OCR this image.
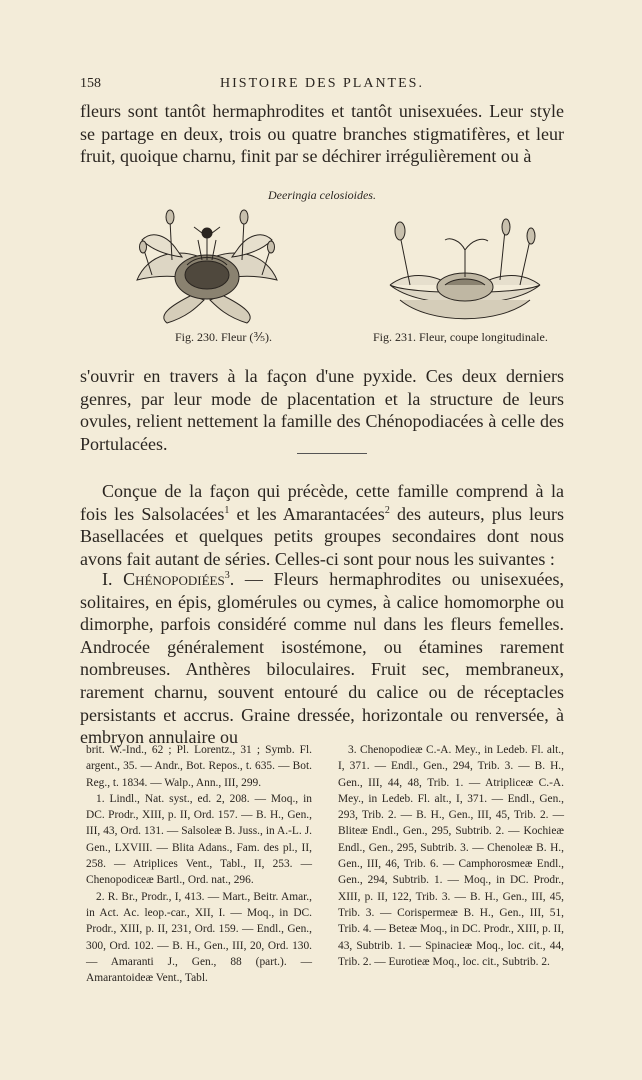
158	HISTOIRE DES PLANTES.
fleurs sont tantôt hermaphrodites et tantôt unisexuées. Leur style se partage en deux, trois ou quatre branches stigmatifères, et leur fruit, quoique charnu, finit par se déchirer irrégulièrement ou à
Deeringia celosioides.
Fig. 230. Fleur (⅗).	Fig. 231. Fleur, coupe longitudinale.
s'ouvrir en travers à la façon d'une pyxide. Ces deux derniers genres, par leur mode de placentation et la structure de leurs ovules, relient nettement la famille des Chénopodiacées à celle des Portulacées.
Conçue de la façon qui précède, cette famille comprend à la fois les Salsolacées$^1$ et les Amarantacées$^2$ des auteurs, plus leurs Basellacées et quelques petits groupes secondaires dont nous avons fait autant de séries. Celles-ci sont pour nous les suivantes :
I. Chénopodiées$^3$. — Fleurs hermaphrodites ou unisexuées, solitaires, en épis, glomérules ou cymes, à calice homomorphe ou dimorphe, parfois considéré comme nul dans les fleurs femelles. Androcée généralement isostémone, ou étamines rarement nombreuses. Anthères biloculaires. Fruit sec, membraneux, rarement charnu, souvent entouré du calice ou de réceptacles persistants et accrus. Graine dressée, horizontale ou renversée, à embryon annulaire ou

brit. W.-Ind., 62 ; Pl. Lorentz., 31 ; Symb. Fl. argent., 35. — Andr., Bot. Repos., t. 635. — Bot. Reg., t. 1834. — Walp., Ann., III, 299.

1. Lindl., Nat. syst., ed. 2, 208. — Moq., in DC. Prodr., XIII, p. II, Ord. 157. — B. H., Gen., III, 43, Ord. 131. — Salsoleæ B. Juss., in A.-L. J. Gen., LXVIII. — Blita Adans., Fam. des pl., II, 258. — Atriplices Vent., Tabl., II, 253. — Chenopodiceæ Bartl., Ord. nat., 296.

2. R. Br., Prodr., I, 413. — Mart., Beitr. Amar., in Act. Ac. leop.-car., XII, I. — Moq., in DC. Prodr., XIII, p. II, 231, Ord. 159. — Endl., Gen., 300, Ord. 102. — B. H., Gen., III, 20, Ord. 130. — Amaranti J., Gen., 88 (part.). — Amarantoideæ Vent., Tabl.

3. Chenopodieæ C.-A. Mey., in Ledeb. Fl. alt., I, 371. — Endl., Gen., 294, Trib. 3. — B. H., Gen., III, 44, 48, Trib. 1. — Atripliceæ C.-A. Mey., in Ledeb. Fl. alt., I, 371. — Endl., Gen., 293, Trib. 2. — B. H., Gen., III, 45, Trib. 2. — Bliteæ Endl., Gen., 295, Subtrib. 2. — Kochieæ Endl., Gen., 295, Subtrib. 3. — Chenoleæ B. H., Gen., III, 46, Trib. 6. — Camphorosmeæ Endl., Gen., 294, Subtrib. 1. — Moq., in DC. Prodr., XIII, p. II, 122, Trib. 3. — B. H., Gen., III, 45, Trib. 3. — Corispermeæ B. H., Gen., III, 51, Trib. 4. — Beteæ Moq., in DC. Prodr., XIII, p. II, 43, Subtrib. 1. — Spinacieæ Moq., loc. cit., 44, Trib. 2. — Eurotieæ Moq., loc. cit., Subtrib. 2.
